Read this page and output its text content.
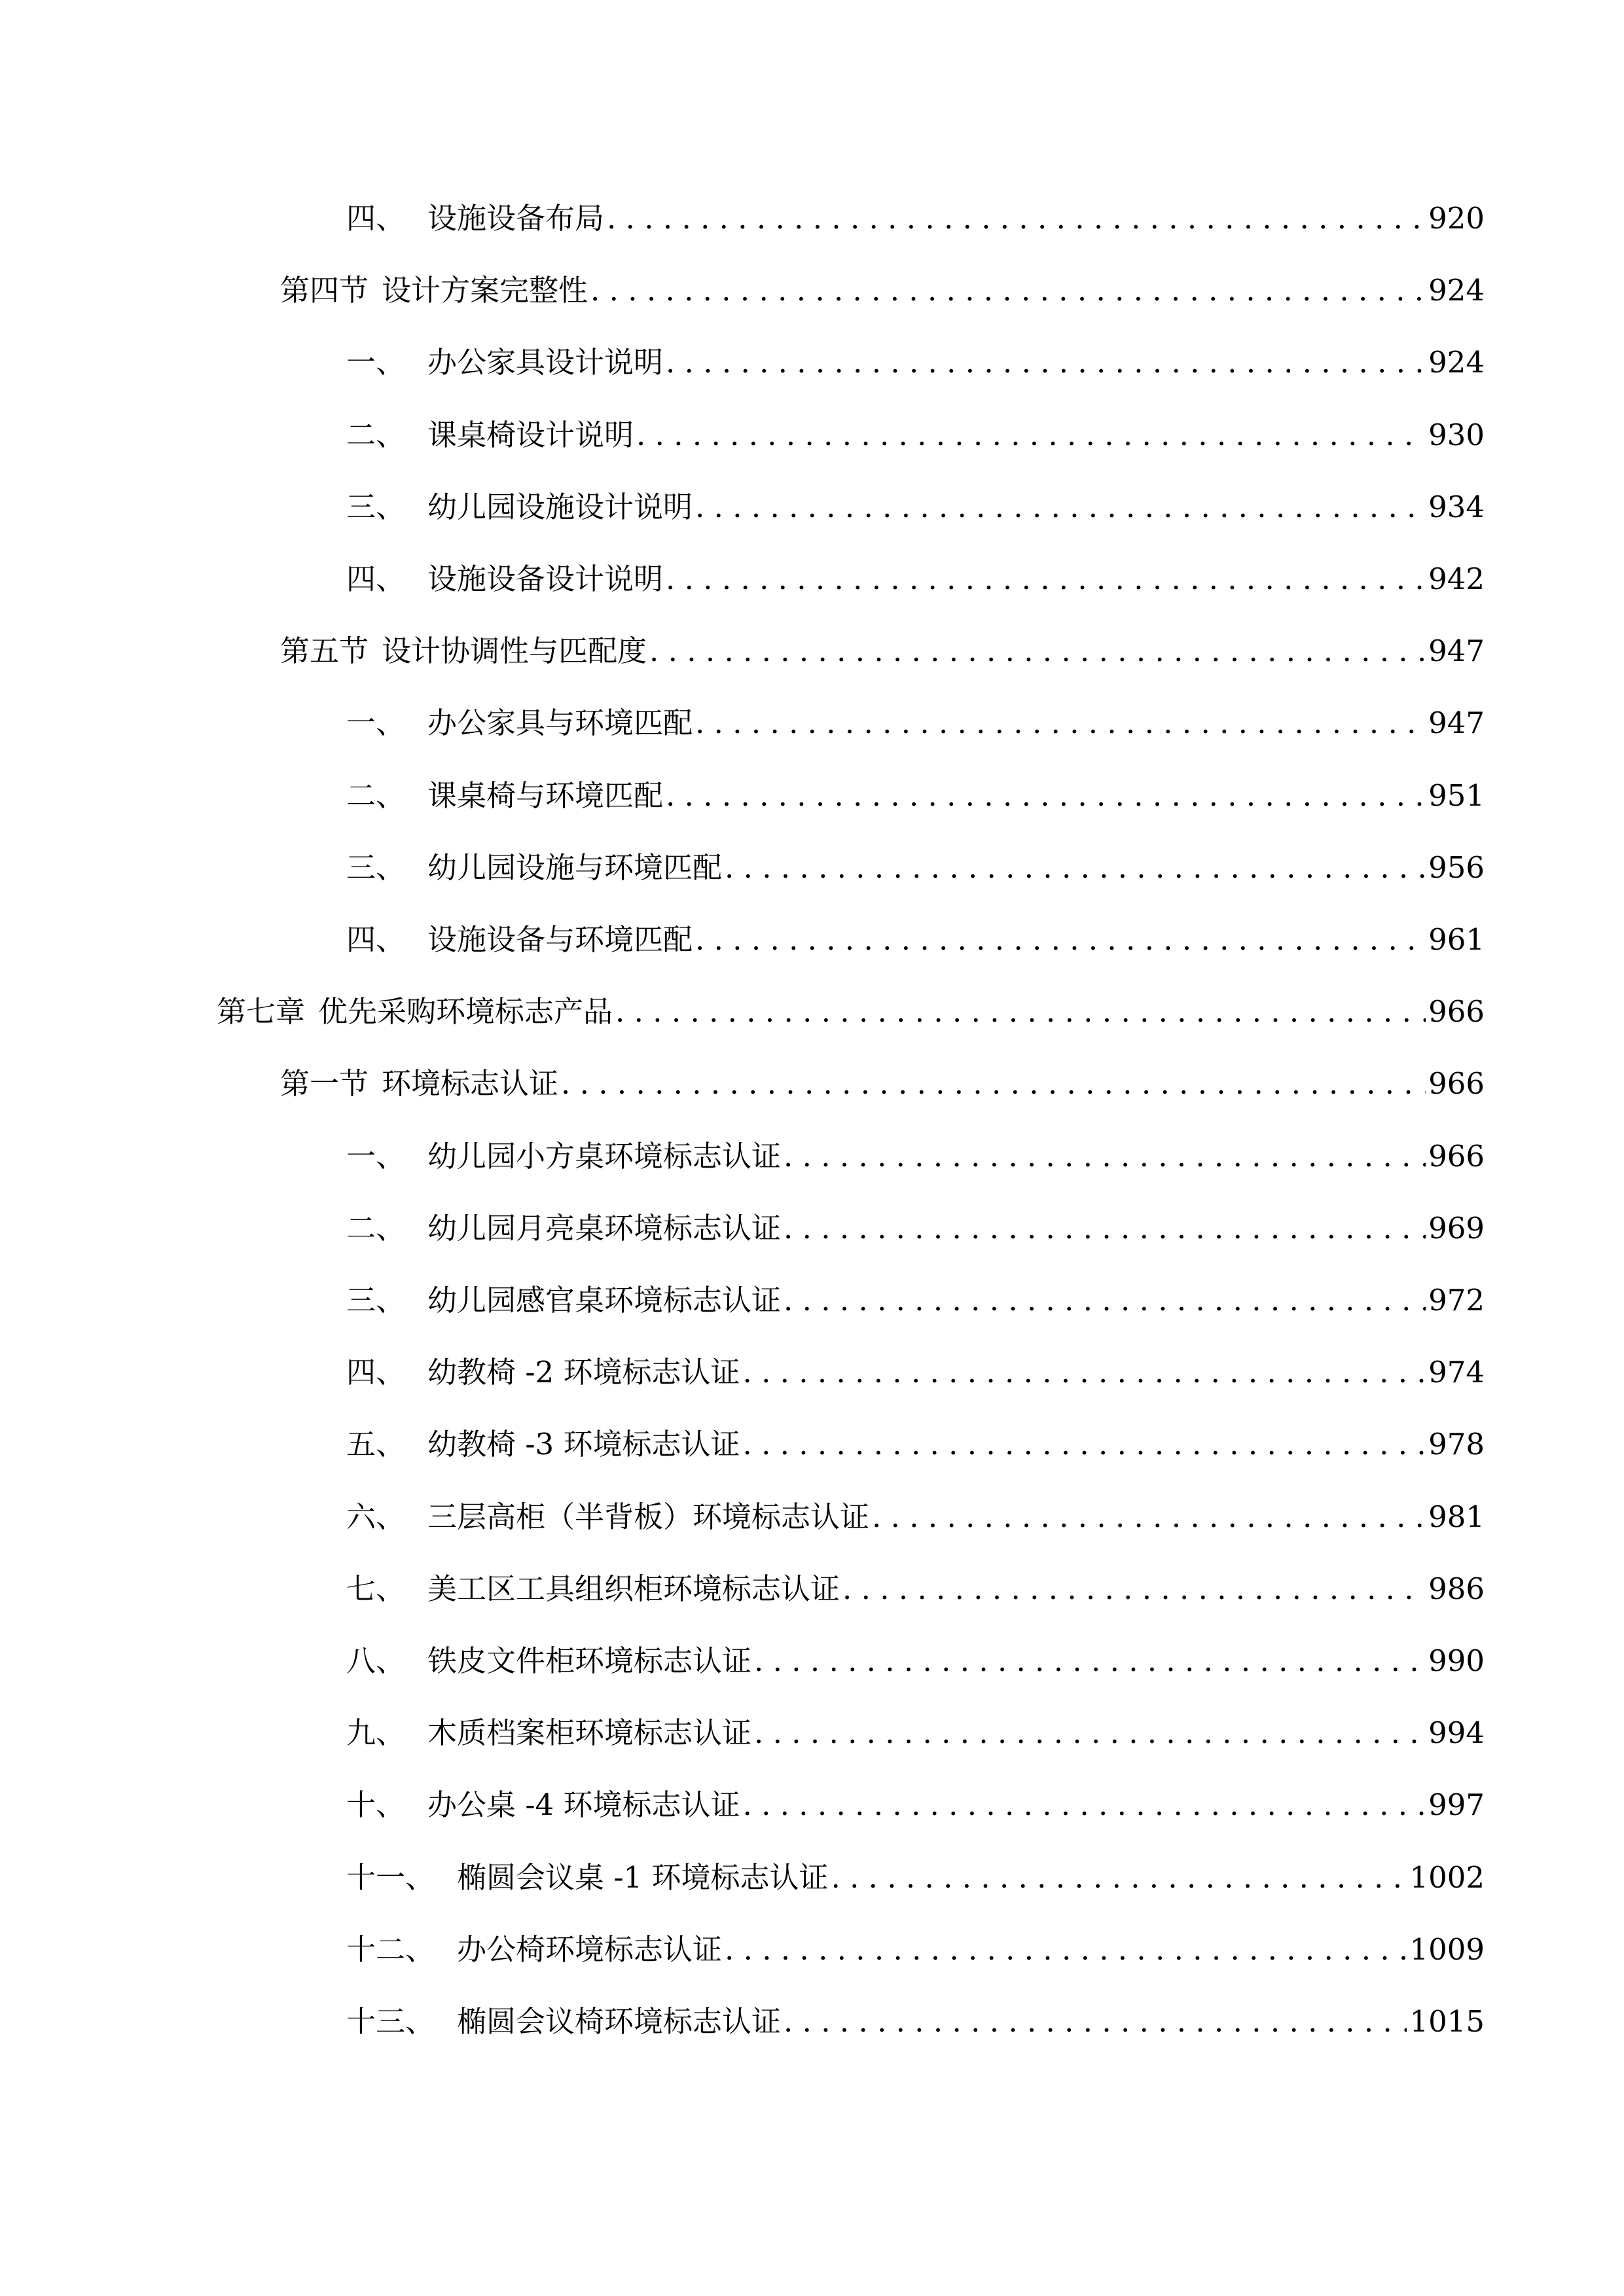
四、 设施设备布局 . . .	920
第四节 设计方案完整性 . . .	924
一、 办公家具设计说明 . . .	924
二、 课桌椅设计说明 . . .	930
三、 幼儿园设施设计说明 . . .	934
四、 设施设备设计说明 . . .	942
第五节 设计协调性与匹配度 . . .	947
一、 办公家具与环境匹配 . . .	947
二、 课桌椅与环境匹配 . . .	951
三、 幼儿园设施与环境匹配 . . .	956
四、 设施设备与环境匹配 . . .	961
第七章 优先采购环境标志产品 . . .	966
第一节 环境标志认证 . . .	966
一、 幼儿园小方桌环境标志认证 . . .	966
二、 幼儿园月亮桌环境标志认证 . . .	969
三、 幼儿园感官桌环境标志认证 . . .	972
四、 幼教椅 -2 环境标志认证 . . .	974
五、 幼教椅 -3 环境标志认证 . . .	978
六、 三层高柜（半背板）环境标志认证 . . .	981
七、 美工区工具组织柜环境标志认证 . . .	986
八、 铁皮文件柜环境标志认证 . . .	990
九、 木质档案柜环境标志认证 . . .	994
十、 办公桌 -4 环境标志认证 . . .	997
十一、 椭圆会议桌 -1 环境标志认证 . . .	1002
十二、 办公椅环境标志认证 . . .	1009
十三、 椭圆会议椅环境标志认证 . . .	1015
